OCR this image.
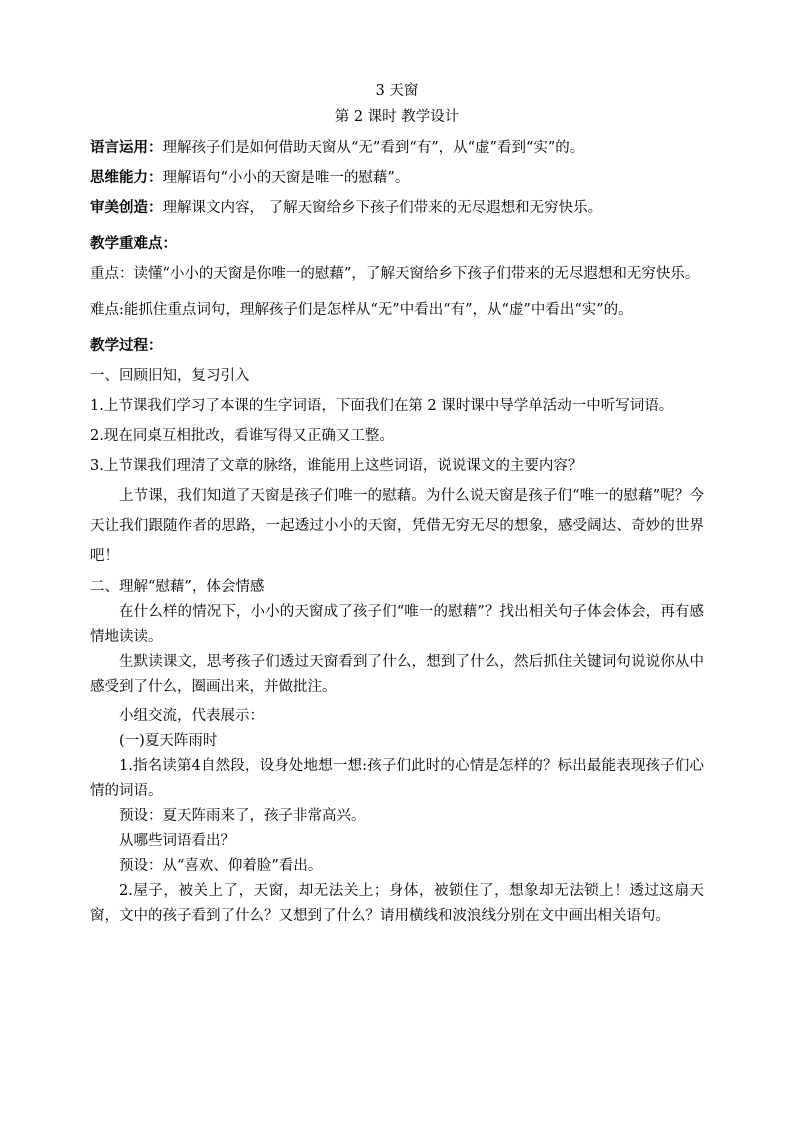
3 天窗
第 2 课时 教学设计
语言运用：理解孩子们是如何借助天窗从“无”看到“有”，从“虚”看到“实”的。
思维能力：理解语句“小小的天窗是唯一的慰藉”。
审美创造：理解课文内容， 了解天窗给乡下孩子们带来的无尽遐想和无穷快乐。
教学重难点：
重点：读懂“小小的天窗是你唯一的慰藉”，了解天窗给乡下孩子们带来的无尽遐想和无穷快乐。
难点:能抓住重点词句，理解孩子们是怎样从“无”中看出“有”，从“虚”中看出“实”的。
教学过程：
一、回顾旧知，复习引入
1.上节课我们学习了本课的生字词语，下面我们在第 2 课时课中导学单活动一中听写词语。
2.现在同桌互相批改，看谁写得又正确又工整。
3.上节课我们理清了文章的脉络，谁能用上这些词语，说说课文的主要内容？
上节课，我们知道了天窗是孩子们唯一的慰藉。为什么说天窗是孩子们“唯一的慰藉”呢？今天让我们跟随作者的思路，一起透过小小的天窗，凭借无穷无尽的想象，感受阔达、奇妙的世界吧！
二、理解“慰藉”，体会情感
在什么样的情况下，小小的天窗成了孩子们“唯一的慰藉”？找出相关句子体会体会，再有感情地读读。
生默读课文，思考孩子们透过天窗看到了什么，想到了什么，然后抓住关键词句说说你从中感受到了什么，圈画出来，并做批注。
小组交流，代表展示：
(一)夏天阵雨时
1.指名读第4自然段，设身处地想一想:孩子们此时的心情是怎样的？标出最能表现孩子们心情的词语。
预设：夏天阵雨来了，孩子非常高兴。
从哪些词语看出？
预设：从“喜欢、仰着脸”看出。
2.屋子，被关上了，天窗，却无法关上；身体，被锁住了，想象却无法锁上！透过这扇天窗，文中的孩子看到了什么？又想到了什么？请用横线和波浪线分别在文中画出相关语句。
